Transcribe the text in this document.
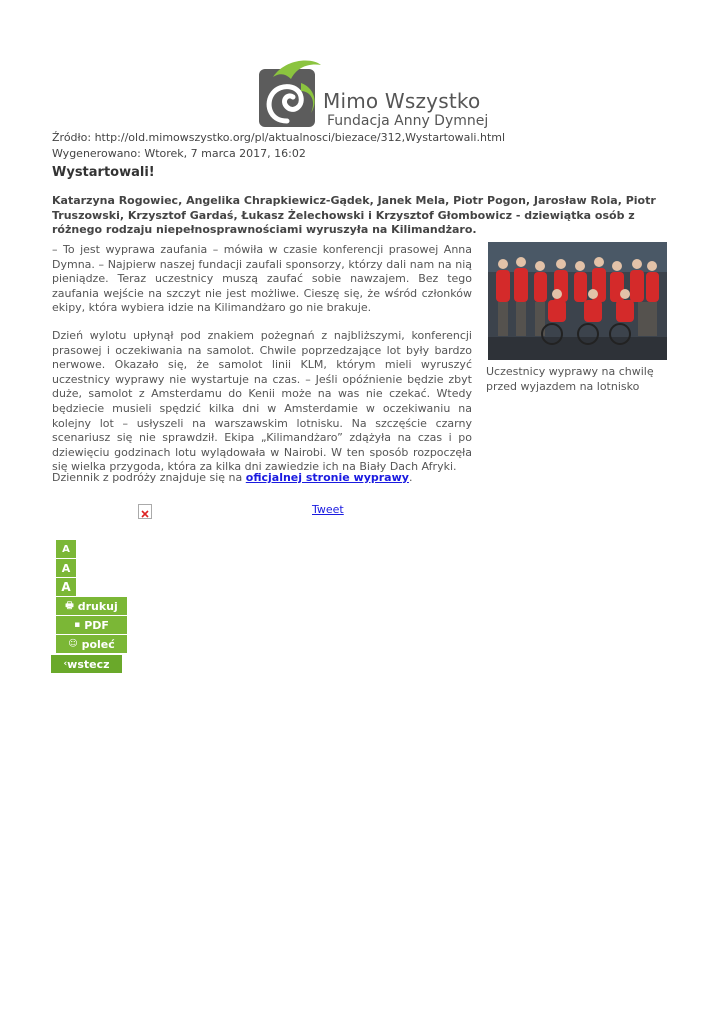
Mimo Wszystko
Fundacja Anny Dymnej
Źródło: http://old.mimowszystko.org/pl/aktualnosci/biezace/312,Wystartowali.html
Wygenerowano: Wtorek, 7 marca 2017, 16:02
Wystartowali!
Katarzyna Rogowiec, Angelika Chrapkiewicz-Gądek, Janek Mela, Piotr Pogon, Jarosław Rola, Piotr Truszowski, Krzysztof Gardaś, Łukasz Żelechowski i Krzysztof Głombowicz - dziewiątka osób z różnego rodzaju niepełnosprawnościami wyruszyła na Kilimandżaro.
– To jest wyprawa zaufania – mówiła w czasie konferencji prasowej Anna Dymna. – Najpierw naszej fundacji zaufali sponsorzy, którzy dali nam na nią pieniądze. Teraz uczestnicy muszą zaufać sobie nawzajem. Bez tego zaufania wejście na szczyt nie jest możliwe. Cieszę się, że wśród członków ekipy, która wybiera idzie na Kilimandżaro go nie brakuje.
Dzień wylotu upłynął pod znakiem pożegnań z najbliższymi, konferencji prasowej i oczekiwania na samolot. Chwile poprzedzające lot były bardzo nerwowe. Okazało się, że samolot linii KLM, którym mieli wyruszyć uczestnicy wyprawy nie wystartuje na czas. – Jeśli opóźnienie będzie zbyt duże, samolot z Amsterdamu do Kenii może na was nie czekać. Wtedy będziecie musieli spędzić kilka dni w Amsterdamie w oczekiwaniu na kolejny lot – usłyszeli na warszawskim lotnisku. Na szczęście czarny scenariusz się nie sprawdził. Ekipa „Kilimandżaro” zdążyła na czas i po dziewięciu godzinach lotu wylądowała w Nairobi. W ten sposób rozpoczęła się wielka przygoda, która za kilka dni zawiedzie ich na Biały Dach Afryki.
Dziennik z podróży znajduje się na oficjalnej stronie wyprawy.
Uczestnicy wyprawy na chwilę przed wyjazdem na lotnisko
Tweet
A
A
A
🖶 drukuj
▪ PDF
☺ poleć
‹ wstecz
